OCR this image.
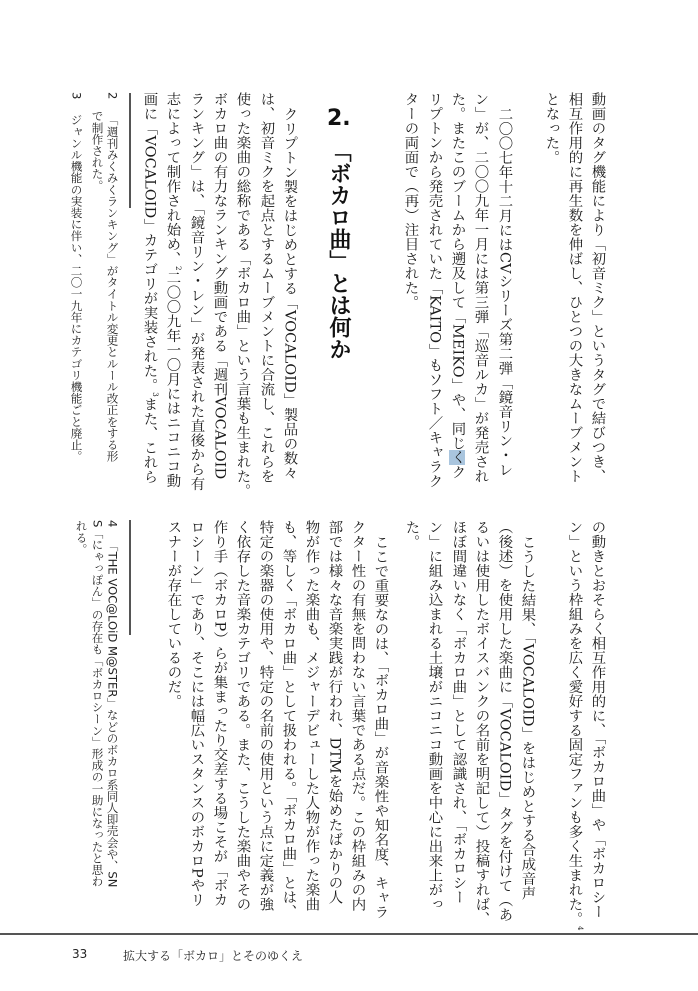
動画のタグ機能により「初音ミク」というタグで結びつき、
相互作用的に再生数を伸ばし、ひとつの大きなムーブメント
となった。
二〇〇七年十二月にはCVシリーズ第二弾「鏡音リン・レ
ン」が、二〇〇九年一月には第三弾「巡音ルカ」が発売され
た。またこのブームから遡及して「MEIKO」や、同じくク
リプトンから発売されていた「KAITO」もソフト／キャラク
ターの両面で（再）注目された。
2.
「ボカロ曲」とは何か
クリプトン製をはじめとする「VOCALOID」製品の数々
は、初音ミクを起点とするムーブメントに合流し、これらを
使った楽曲の総称である「ボカロ曲」という言葉も生まれた。
ボカロ曲の有力なランキング動画である「週刊VOCALOID
ランキング」は、「鏡音リン・レン」が発表された直後から有
志によって制作され始め、$^2$二〇〇九年一〇月にはニコニコ動
画に「VOCALOID」カテゴリが実装された。$^3$また、これら
2
「週刊みくみくランキング」がタイトル変更とルール改正をする形
で制作された。
3
ジャンル機能の実装に伴い、二〇一九年にカテゴリ機能ごと廃止。
の動きとおそらく相互作用的に、「ボカロ曲」や「ボカロシー
ン」という枠組みを広く愛好する固定ファンも多く生まれた。$^4$
こうした結果、「VOCALOID」をはじめとする合成音声
（後述）を使用した楽曲に「VOCALOID」タグを付けて（あ
るいは使用したボイスバンクの名前を明記して）投稿すれば、
ほぼ間違いなく「ボカロ曲」として認識され、「ボカロシー
ン」に組み込まれる土壌がニコニコ動画を中心に出来上がっ
た。
ここで重要なのは、「ボカロ曲」が音楽性や知名度、キャラ
クター性の有無を問わない言葉である点だ。この枠組みの内
部では様々な音楽実践が行われ、DTMを始めたばかりの人
物が作った楽曲も、メジャーデビューした人物が作った楽曲
も、等しく「ボカロ曲」として扱われる。「ボカロ曲」とは、
特定の楽器の使用や、特定の名前の使用という点に定義が強
く依存した音楽カテゴリである。また、こうした楽曲やその
作り手（ボカロP）らが集まったり交差する場こそが「ボカ
ロシーン」であり、そこには幅広いスタンスのボカロPやリ
スナーが存在しているのだ。
4
「THE VOC@LOiD M@STER」などのボカロ系同人即売会や、SN
S「にゃっぽん」の存在も「ボカロシーン」形成の一助になったと思わ
れる。
33	拡大する「ボカロ」とそのゆくえ
